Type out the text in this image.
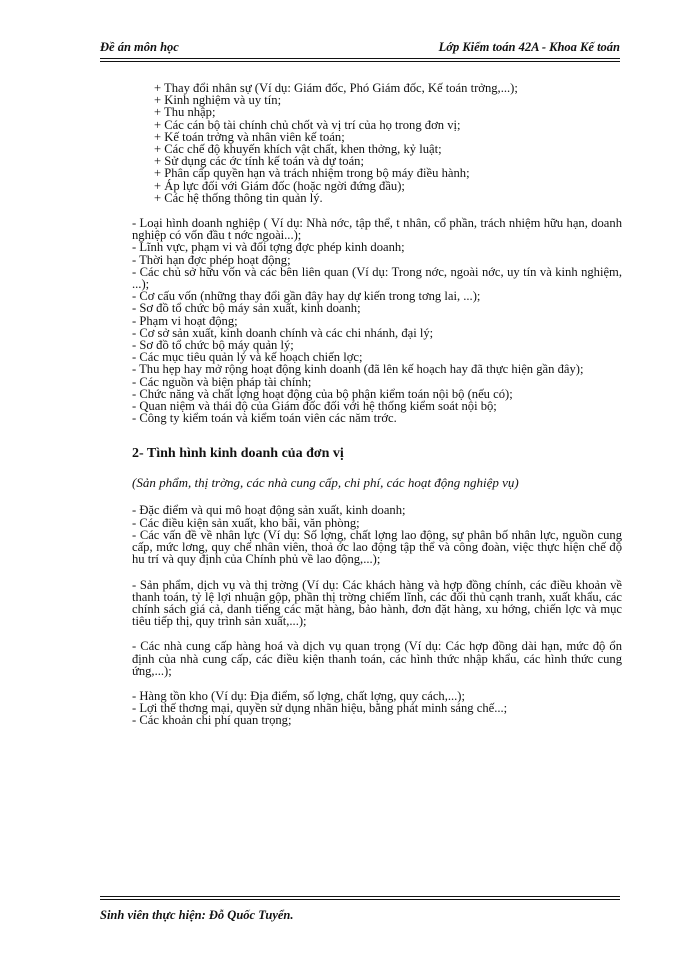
Đề án môn học	Lớp Kiểm toán 42A - Khoa Kế toán

+ Thay đổi nhân sự (Ví dụ: Giám đốc, Phó Giám đốc, Kế toán trởng,...);

+ Kinh nghiệm và uy tín;

+ Thu nhập;

+ Các cán bộ tài chính chủ chốt và vị trí của họ trong đơn vị;

+ Kế toán trởng và nhân viên kế toán;

+ Các chế độ khuyến khích vật chất, khen thởng, kỷ luật;

+ Sử dụng các ớc tính kế toán và dự toán;

+ Phân cấp quyền hạn và trách nhiệm trong bộ máy điều hành;

+ Áp lực đối với Giám đốc (hoặc ngời đứng đầu);

+ Các hệ thống thông tin quản lý.

- Loại hình doanh nghiệp ( Ví dụ: Nhà nớc, tập thể, t nhân, cổ phần, trách nhiệm hữu hạn, doanh nghiệp có vốn đầu t nớc ngoài...);

- Lĩnh vực, phạm vi và đối tợng đợc phép kinh doanh;

- Thời hạn đợc phép hoạt động;

- Các chủ sở hữu vốn và các bên liên quan (Ví dụ: Trong nớc, ngoài nớc, uy tín và kinh nghiệm, ...);

- Cơ cấu vốn (những thay đổi gần đây hay dự kiến trong tơng lai, ...);

- Sơ đồ tổ chức bộ máy sản xuất, kinh doanh;

- Phạm vi hoạt động;

- Cơ sở sản xuất, kinh doanh chính và các chi nhánh, đại lý;

- Sơ đồ tổ chức bộ máy quản lý;

- Các mục tiêu quản lý và kế hoạch chiến lợc;

- Thu hẹp hay mở rộng hoạt động kinh doanh (đã lên kế hoạch hay đã thực hiện gần đây);

- Các nguồn và biện pháp tài chính;

- Chức năng và chất lợng hoạt động của bộ phận kiểm toán nội bộ (nếu có);

- Quan niệm và thái độ của Giám đốc đối với hệ thống kiểm soát nội bộ;

- Công ty kiểm toán và kiểm toán viên các năm trớc.

2- Tình hình kinh doanh của đơn vị

(Sản phẩm, thị trờng, các nhà cung cấp, chi phí, các hoạt động nghiệp vụ)

- Đặc điểm và qui mô hoạt động sản xuất, kinh doanh;

- Các điều kiện sản xuất, kho bãi, văn phòng;

- Các vấn đề về nhân lực (Ví dụ: Số lợng, chất lợng lao động, sự phân bố nhân lực, nguồn cung cấp, mức lơng, quy chế nhân viên, thoả ớc lao động tập thể và công đoàn, việc thực hiện chế độ hu trí và quy định của Chính phủ về lao động,...);

- Sản phẩm, dịch vụ và thị trờng (Ví dụ: Các khách hàng và hợp đồng chính, các điều khoản về thanh toán, tỷ lệ lợi nhuận gộp, phần thị trờng chiếm lĩnh, các đối thủ cạnh tranh, xuất khẩu, các chính sách giá cả, danh tiếng các mặt hàng, bảo hành, đơn đặt hàng, xu hớng, chiến lợc và mục tiêu tiếp thị, quy trình sản xuất,...);

- Các nhà cung cấp hàng hoá và dịch vụ quan trọng (Ví dụ: Các hợp đồng dài hạn, mức độ ổn định của nhà cung cấp, các điều kiện thanh toán, các hình thức nhập khẩu, các hình thức cung ứng,...);

- Hàng tồn kho (Ví dụ: Địa điểm, số lợng, chất lợng, quy cách,...);

- Lợi thế thơng mại, quyền sử dụng nhãn hiệu, bằng phát minh sáng chế...;

- Các khoản chi phí quan trọng;

Sinh viên thực hiện: Đỗ Quốc Tuyển.
